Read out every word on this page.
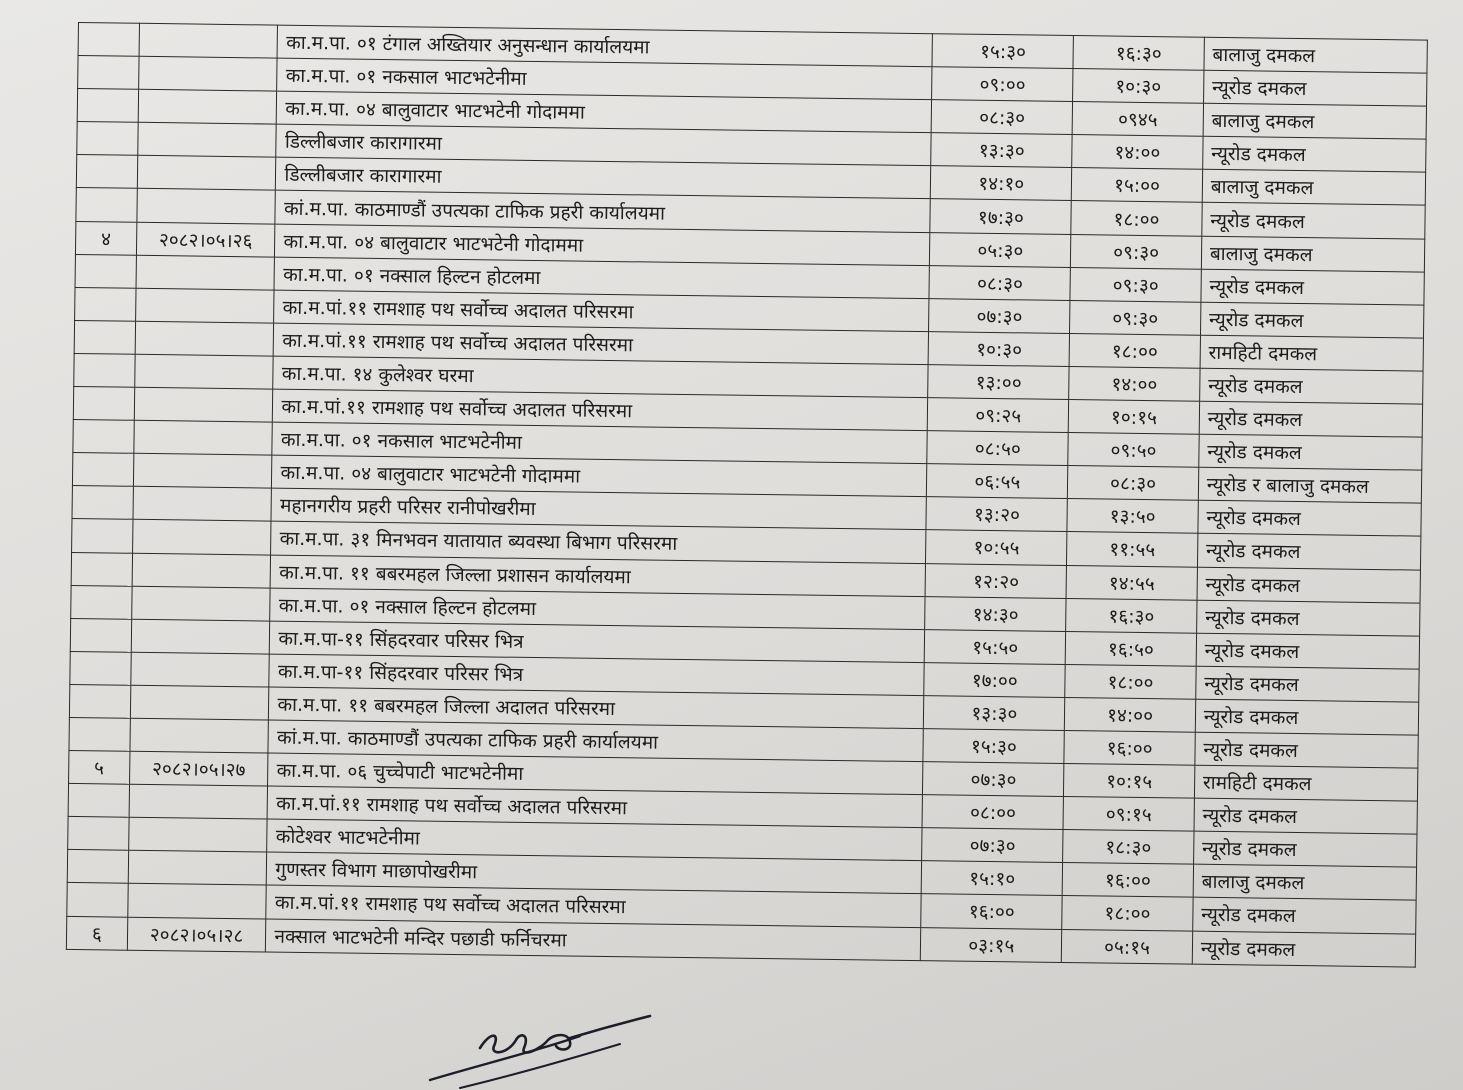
		का.म.पा. ०१ टंगाल अख्तियार अनुसन्धान कार्यालयमा	१५:३०	१६:३०	बालाजु दमकल
		का.म.पा. ०१ नकसाल भाटभटेनीमा	०९:००	१०:३०	न्यूरोड दमकल
		का.म.पा. ०४ बालुवाटार भाटभटेनी गोदाममा	०८:३०	०९४५	बालाजु दमकल
		डिल्लीबजार कारागारमा	१३:३०	१४:००	न्यूरोड दमकल
		डिल्लीबजार कारागारमा	१४:१०	१५:००	बालाजु दमकल
		कां.म.पा. काठमाण्डौं उपत्यका टाफिक प्रहरी कार्यालयमा	१७:३०	१८:००	न्यूरोड दमकल
४	२०८२।०५।२६	का.म.पा. ०४ बालुवाटार भाटभटेनी गोदाममा	०५:३०	०९:३०	बालाजु दमकल
		का.म.पा. ०१ नक्साल हिल्टन होटलमा	०८:३०	०९:३०	न्यूरोड दमकल
		का.म.पां.११ रामशाह पथ सर्वोच्च अदालत परिसरमा	०७:३०	०९:३०	न्यूरोड दमकल
		का.म.पां.११ रामशाह पथ सर्वोच्च अदालत परिसरमा	१०:३०	१८:००	रामहिटी दमकल
		का.म.पा. १४ कुलेश्वर घरमा	१३:००	१४:००	न्यूरोड दमकल
		का.म.पां.११ रामशाह पथ सर्वोच्च अदालत परिसरमा	०९:२५	१०:१५	न्यूरोड दमकल
		का.म.पा. ०१ नकसाल भाटभटेनीमा	०८:५०	०९:५०	न्यूरोड दमकल
		का.म.पा. ०४ बालुवाटार भाटभटेनी गोदाममा	०६:५५	०८:३०	न्यूरोड र बालाजु दमकल
		महानगरीय प्रहरी परिसर रानीपोखरीमा	१३:२०	१३:५०	न्यूरोड दमकल
		का.म.पा. ३१ मिनभवन यातायात ब्यवस्था बिभाग परिसरमा	१०:५५	११:५५	न्यूरोड दमकल
		का.म.पा. ११ बबरमहल जिल्ला प्रशासन कार्यालयमा	१२:२०	१४:५५	न्यूरोड दमकल
		का.म.पा. ०१ नक्साल हिल्टन होटलमा	१४:३०	१६:३०	न्यूरोड दमकल
		का.म.पा-११ सिंहदरवार परिसर भित्र	१५:५०	१६:५०	न्यूरोड दमकल
		का.म.पा-११ सिंहदरवार परिसर भित्र	१७:००	१८:००	न्यूरोड दमकल
		का.म.पा. ११ बबरमहल जिल्ला अदालत परिसरमा	१३:३०	१४:००	न्यूरोड दमकल
		कां.म.पा. काठमाण्डौं उपत्यका टाफिक प्रहरी कार्यालयमा	१५:३०	१६:००	न्यूरोड दमकल
५	२०८२।०५।२७	का.म.पा. ०६ चुच्चेपाटी भाटभटेनीमा	०७:३०	१०:१५	रामहिटी दमकल
		का.म.पां.११ रामशाह पथ सर्वोच्च अदालत परिसरमा	०८:००	०९:१५	न्यूरोड दमकल
		कोटेश्वर भाटभटेनीमा	०७:३०	१८:३०	न्यूरोड दमकल
		गुणस्तर विभाग माछापोखरीमा	१५:१०	१६:००	बालाजु दमकल
		का.म.पां.११ रामशाह पथ सर्वोच्च अदालत परिसरमा	१६:००	१८:००	न्यूरोड दमकल
६	२०८२।०५।२८	नक्साल भाटभटेनी मन्दिर पछाडी फर्निचरमा	०३:१५	०५:१५	न्यूरोड दमकल
